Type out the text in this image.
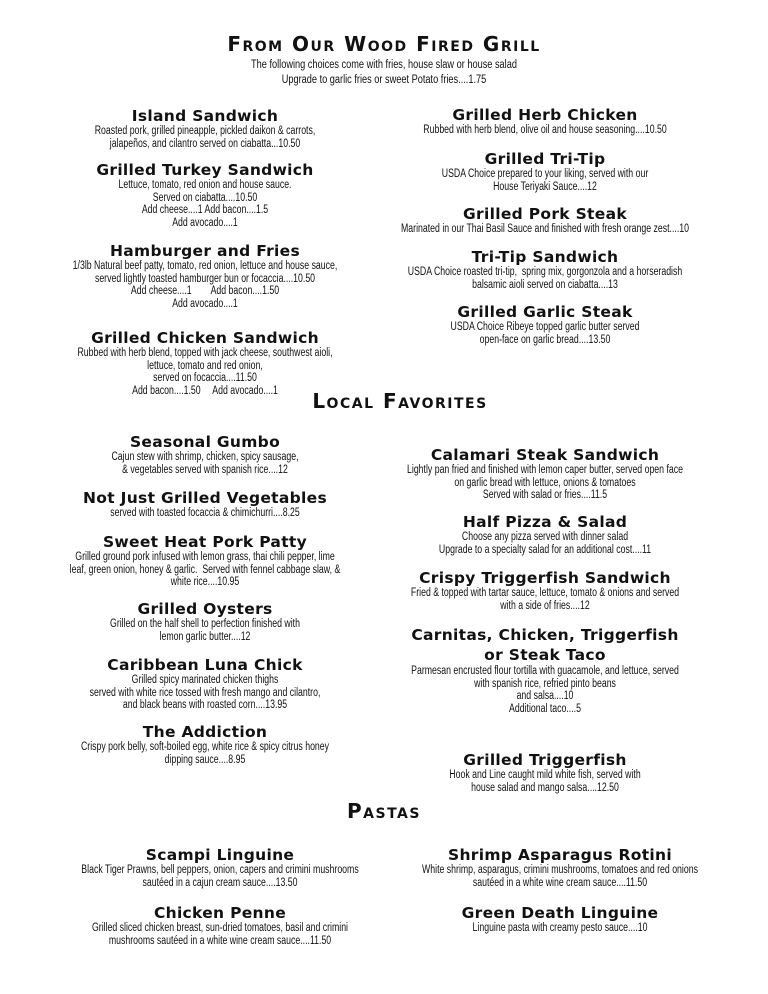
From Our Wood Fired Grill
The following choices come with fries, house slaw or house salad
Upgrade to garlic fries or sweet Potato fries....1.75
Island Sandwich
Roasted pork, grilled pineapple, pickled daikon & carrots,
jalapeños, and cilantro served on ciabatta...10.50
Grilled Turkey Sandwich
Lettuce, tomato, red onion and house sauce.
Served on ciabatta....10.50
Add cheese....1 Add bacon....1.5
Add avocado....1
Hamburger and Fries
1/3lb Natural beef patty, tomato, red onion, lettuce and house sauce,
served lightly toasted hamburger bun or focaccia....10.50
Add cheese....1        Add bacon....1.50
Add avocado....1
Grilled Chicken Sandwich
Rubbed with herb blend, topped with jack cheese, southwest aioli,
lettuce, tomato and red onion,
served on focaccia....11.50
Add bacon....1.50     Add avocado....1
Grilled Herb Chicken
Rubbed with herb blend, olive oil and house seasoning....10.50
Grilled Tri-Tip
USDA Choice prepared to your liking, served with our
House Teriyaki Sauce....12
Grilled Pork Steak
Marinated in our Thai Basil Sauce and finished with fresh orange zest....10
Tri-Tip Sandwich
USDA Choice roasted tri-tip,  spring mix, gorgonzola and a horseradish
balsamic aioli served on ciabatta....13
Grilled Garlic Steak
USDA Choice Ribeye topped garlic butter served
open-face on garlic bread....13.50
Local Favorites
Seasonal Gumbo
Cajun stew with shrimp, chicken, spicy sausage,
& vegetables served with spanish rice....12
Not Just Grilled Vegetables
served with toasted focaccia & chimichurri....8.25
Sweet Heat Pork Patty
Grilled ground pork infused with lemon grass, thai chili pepper, lime
leaf, green onion, honey & garlic.  Served with fennel cabbage slaw, &
white rice....10.95
Grilled Oysters
Grilled on the half shell to perfection finished with
lemon garlic butter....12
Caribbean Luna Chick
Grilled spicy marinated chicken thighs
served with white rice tossed with fresh mango and cilantro,
and black beans with roasted corn....13.95
The Addiction
Crispy pork belly, soft-boiled egg, white rice & spicy citrus honey
dipping sauce....8.95
Calamari Steak Sandwich
Lightly pan fried and finished with lemon caper butter, served open face
on garlic bread with lettuce, onions & tomatoes
Served with salad or fries....11.5
Half Pizza & Salad
Choose any pizza served with dinner salad
Upgrade to a specialty salad for an additional cost....11
Crispy Triggerfish Sandwich
Fried & topped with tartar sauce, lettuce, tomato & onions and served
with a side of fries....12
Carnitas, Chicken, Triggerfish
or Steak Taco
Parmesan encrusted flour tortilla with guacamole, and lettuce, served
with spanish rice, refried pinto beans
and salsa....10
Additional taco....5
Grilled Triggerfish
Hook and Line caught mild white fish, served with
house salad and mango salsa....12.50
Pastas
Scampi Linguine
Black Tiger Prawns, bell peppers, onion, capers and crimini mushrooms
sautéed in a cajun cream sauce....13.50
Chicken Penne
Grilled sliced chicken breast, sun-dried tomatoes, basil and crimini
mushrooms sautéed in a white wine cream sauce....11.50
Shrimp Asparagus Rotini
White shrimp, asparagus, crimini mushrooms, tomatoes and red onions
sautéed in a white wine cream sauce....11.50
Green Death Linguine
Linguine pasta with creamy pesto sauce....10
